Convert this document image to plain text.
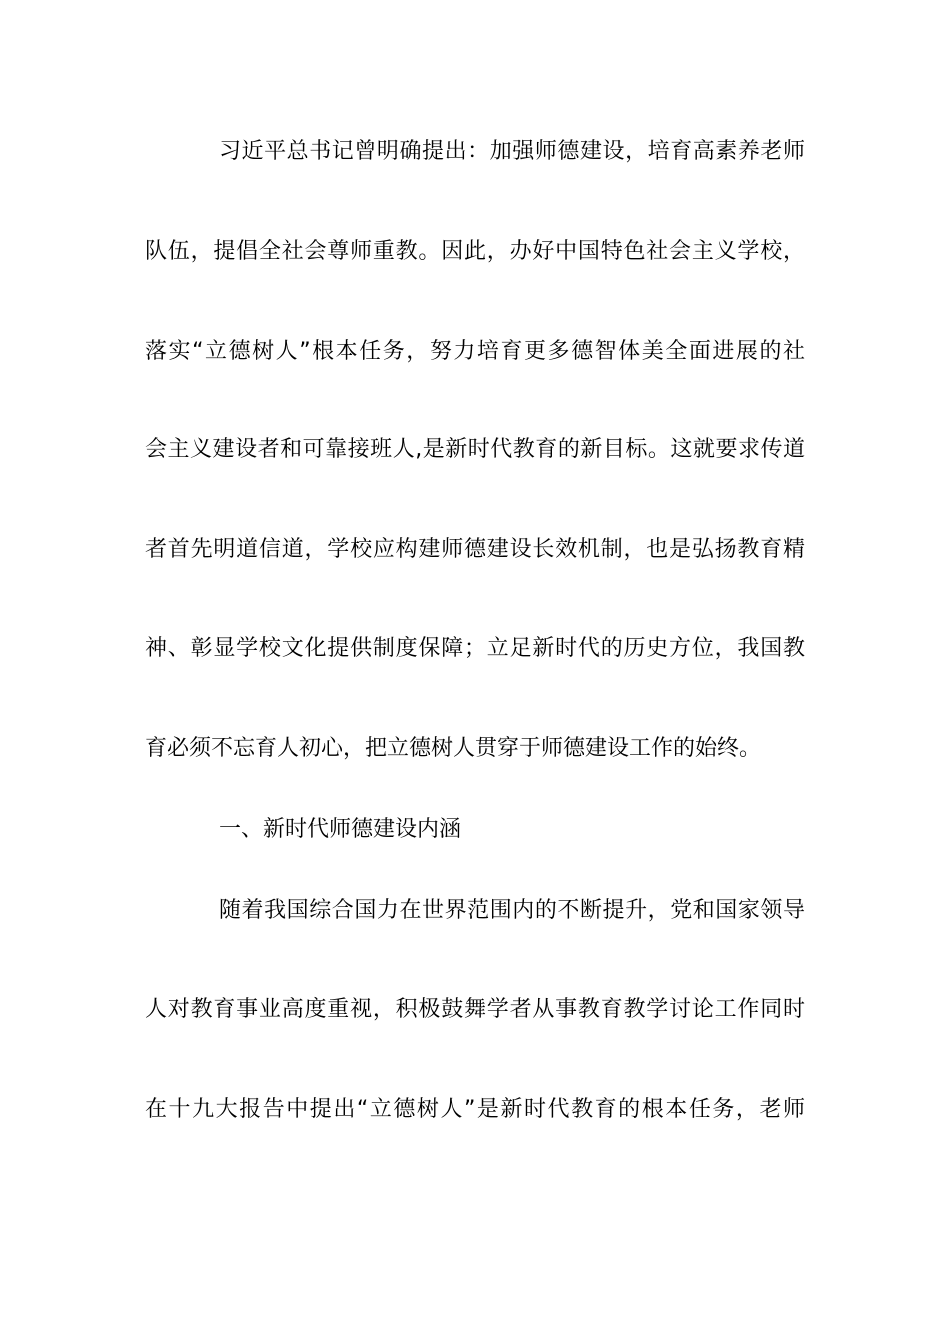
习近平总书记曾明确提出：加强师德建设，培育高素养老师
队伍，提倡全社会尊师重教。因此，办好中国特色社会主义学校，
落实“立德树人”根本任务，努力培育更多德智体美全面进展的社
会主义建设者和可靠接班人,是新时代教育的新目标。这就要求传道
者首先明道信道，学校应构建师德建设长效机制，也是弘扬教育精
神、彰显学校文化提供制度保障；立足新时代的历史方位，我国教
育必须不忘育人初心，把立德树人贯穿于师德建设工作的始终。
一、新时代师德建设内涵
随着我国综合国力在世界范围内的不断提升，党和国家领导
人对教育事业高度重视，积极鼓舞学者从事教育教学讨论工作同时
在十九大报告中提出“立德树人”是新时代教育的根本任务，老师
